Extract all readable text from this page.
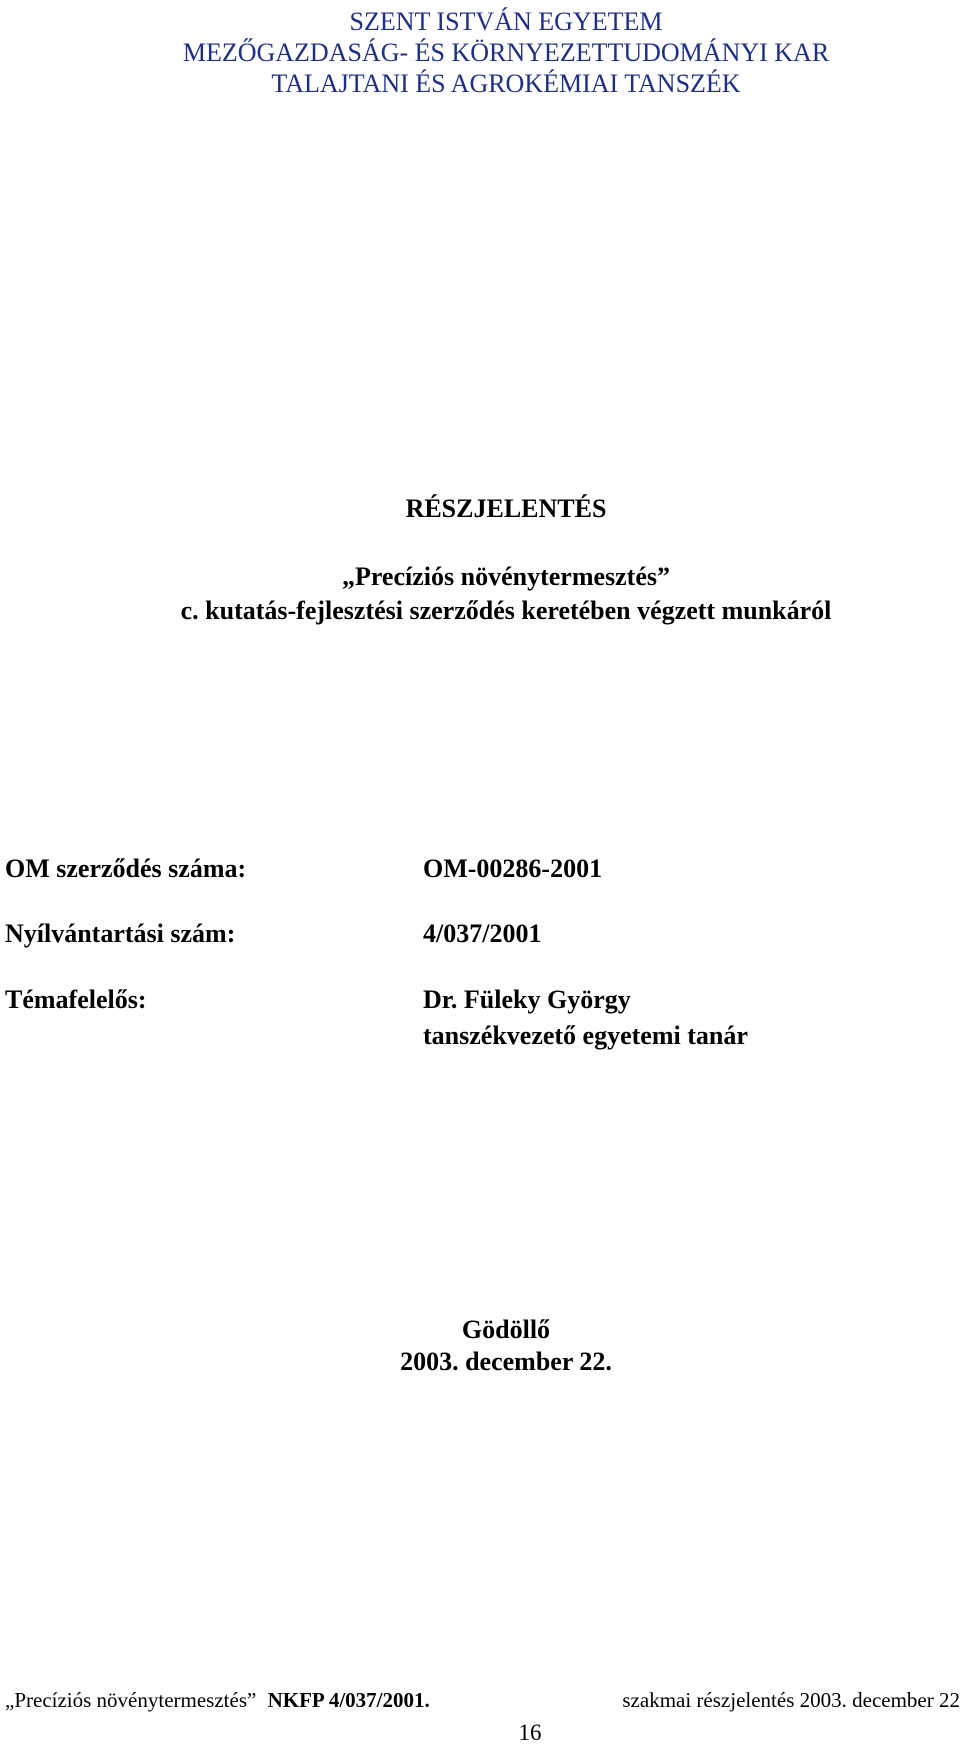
SZENT ISTVÁN EGYETEM
MEZŐGAZDASÁG- ÉS KÖRNYEZETTUDOMÁNYI KAR
TALAJTANI ÉS AGROKÉMIAI TANSZÉK
RÉSZJELENTÉS
„Precíziós növénytermesztés”
c. kutatás-fejlesztési szerződés keretében végzett munkáról
OM szerződés száma:	OM-00286-2001
Nyílvántartási szám:	4/037/2001
Témafelelős:	Dr. Füleky György
tanszékvezető egyetemi tanár
Gödöllő
2003. december 22.
„Precíziós növénytermesztés” NKFP 4/037/2001.	szakmai részjelentés 2003. december 22
16
